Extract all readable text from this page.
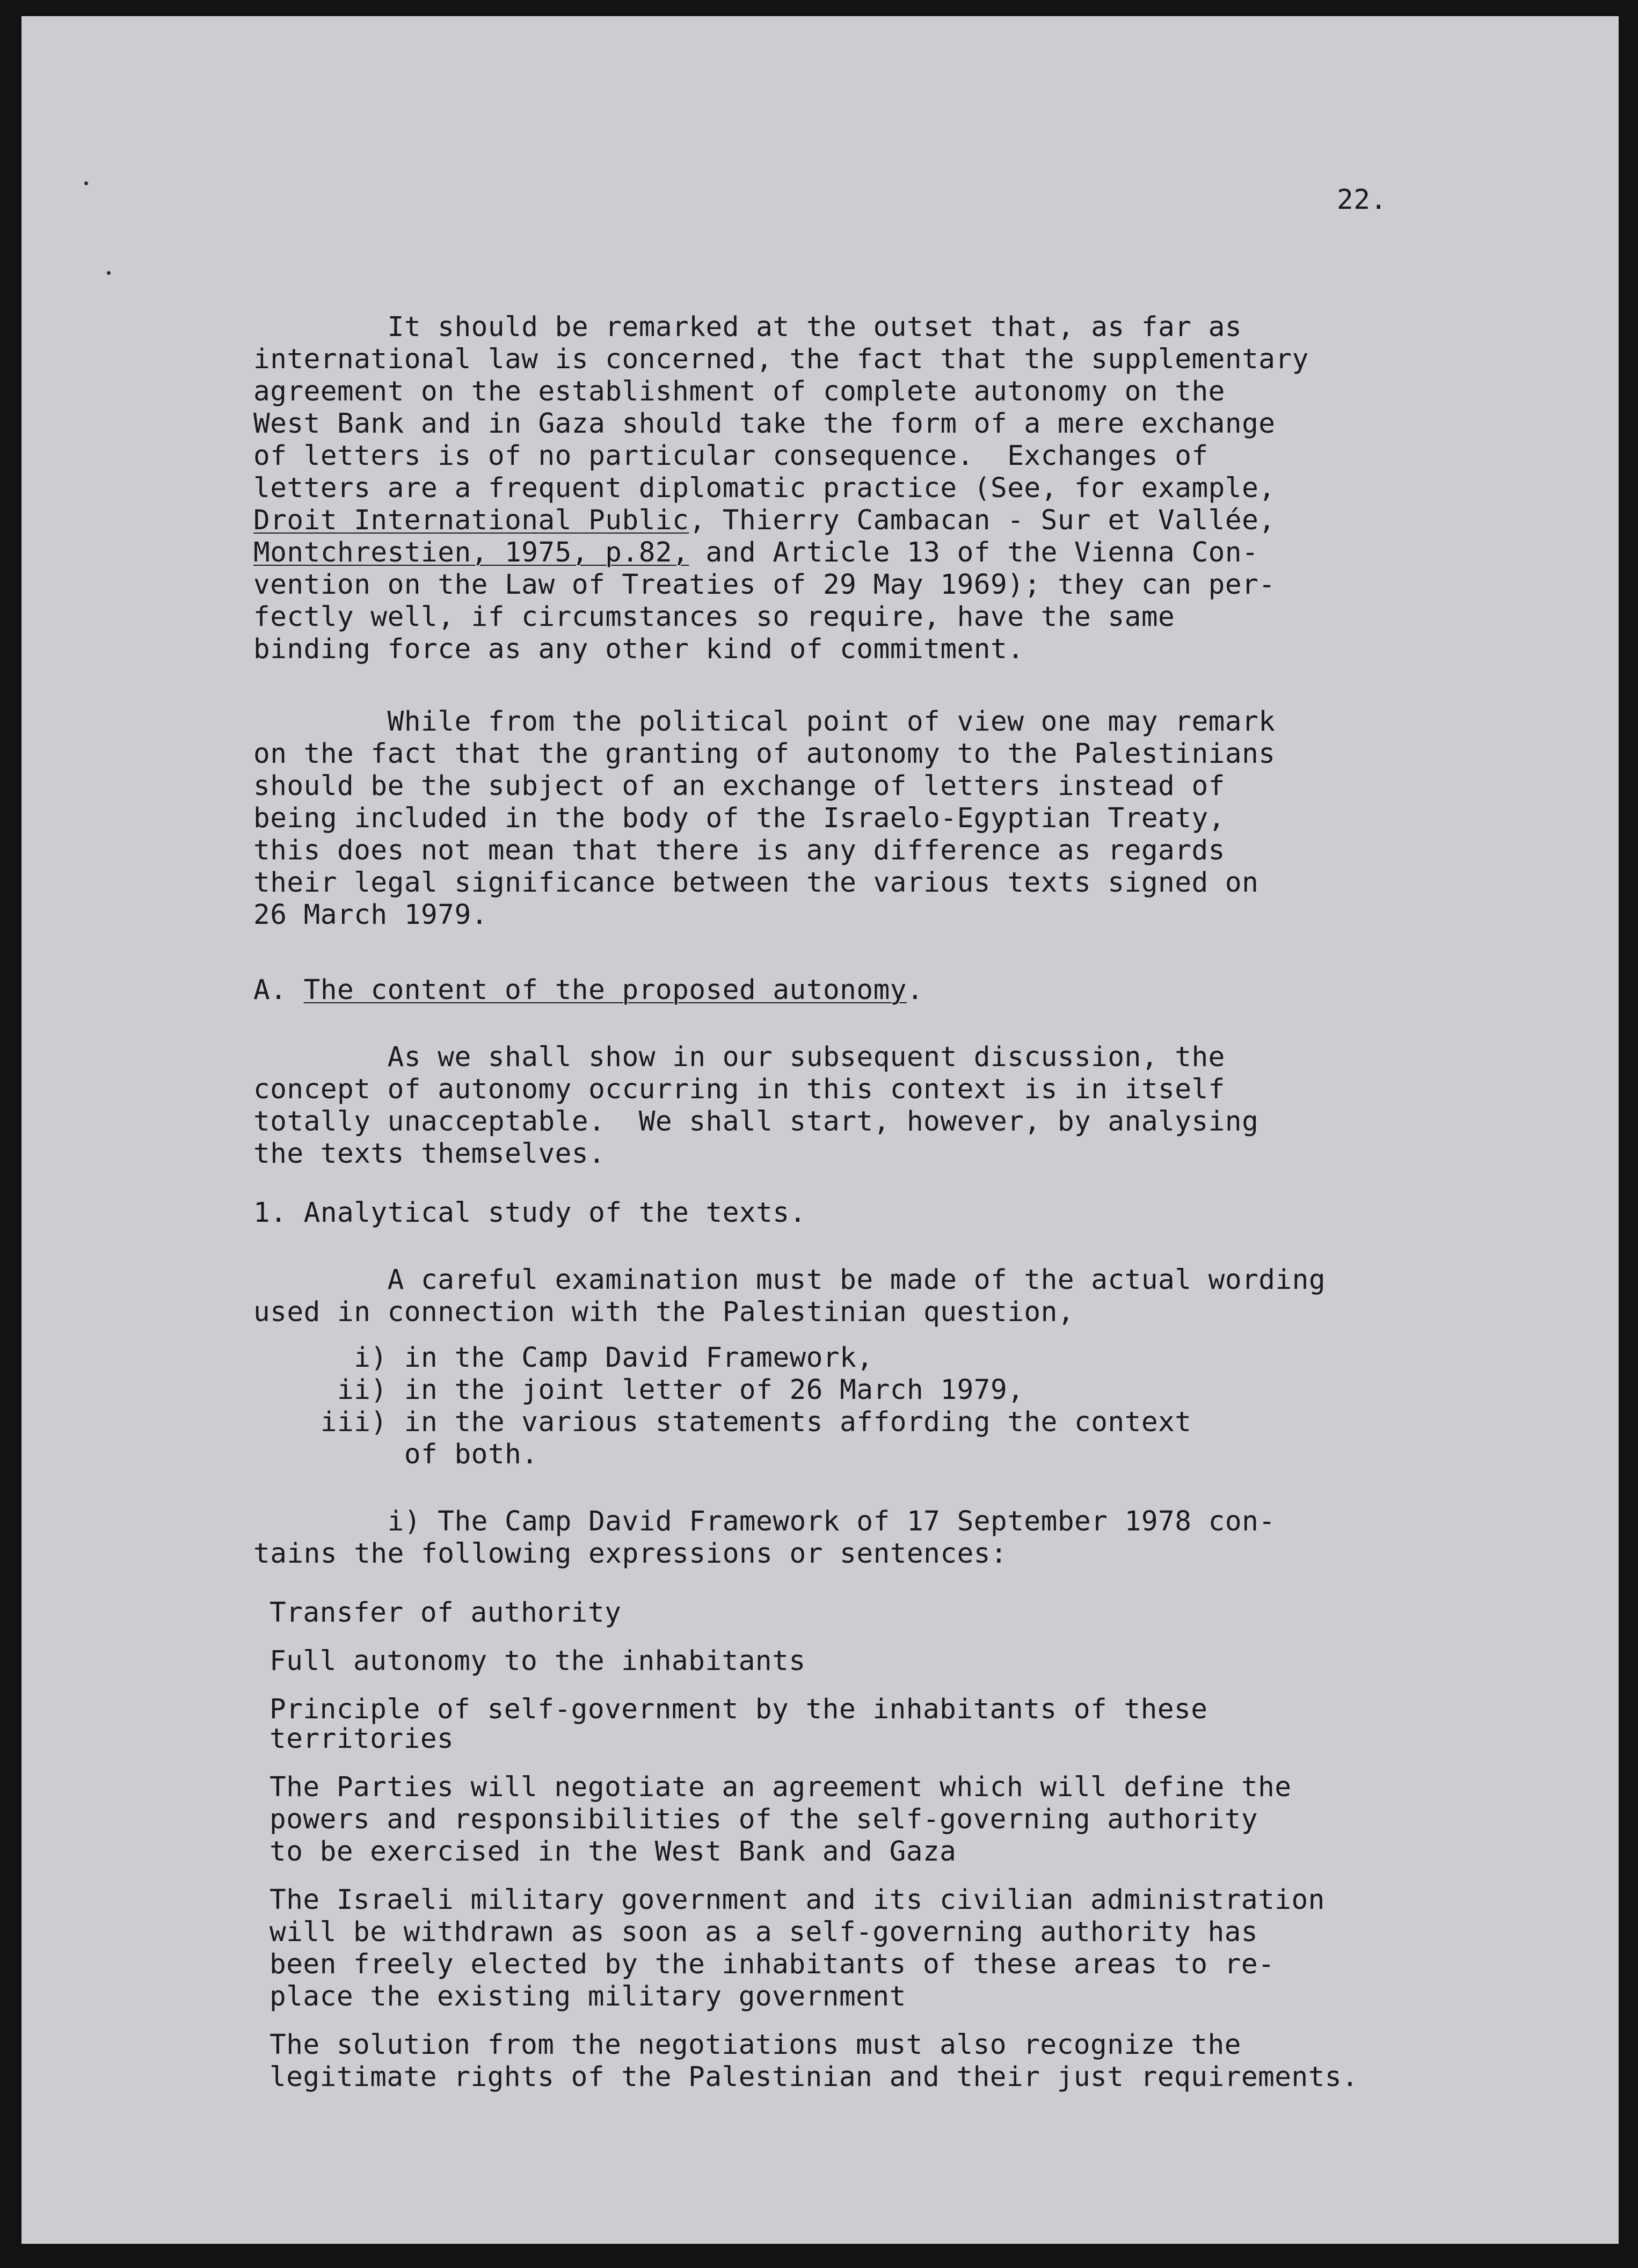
22.
It should be remarked at the outset that, as far as
international law is concerned, the fact that the supplementary
agreement on the establishment of complete autonomy on the
West Bank and in Gaza should take the form of a mere exchange
of letters is of no particular consequence.  Exchanges of
letters are a frequent diplomatic practice (See, for example,
Droit International Public, Thierry Cambacan - Sur et Vallée,
Montchrestien, 1975, p.82, and Article 13 of the Vienna Con-
vention on the Law of Treaties of 29 May 1969); they can per-
fectly well, if circumstances so require, have the same
binding force as any other kind of commitment.
While from the political point of view one may remark
on the fact that the granting of autonomy to the Palestinians
should be the subject of an exchange of letters instead of
being included in the body of the Israelo-Egyptian Treaty,
this does not mean that there is any difference as regards
their legal significance between the various texts signed on
26 March 1979.
A. The content of the proposed autonomy.
As we shall show in our subsequent discussion, the
concept of autonomy occurring in this context is in itself
totally unacceptable.  We shall start, however, by analysing
the texts themselves.
1. Analytical study of the texts.
A careful examination must be made of the actual wording
used in connection with the Palestinian question,
i) in the Camp David Framework,
ii) in the joint letter of 26 March 1979,
iii) in the various statements affording the context
of both.
i) The Camp David Framework of 17 September 1978 con-
tains the following expressions or sentences:
Transfer of authority
Full autonomy to the inhabitants
Principle of self-government by the inhabitants of these
territories
The Parties will negotiate an agreement which will define the
powers and responsibilities of the self-governing authority
to be exercised in the West Bank and Gaza
The Israeli military government and its civilian administration
will be withdrawn as soon as a self-governing authority has
been freely elected by the inhabitants of these areas to re-
place the existing military government
The solution from the negotiations must also recognize the
legitimate rights of the Palestinian and their just requirements.
